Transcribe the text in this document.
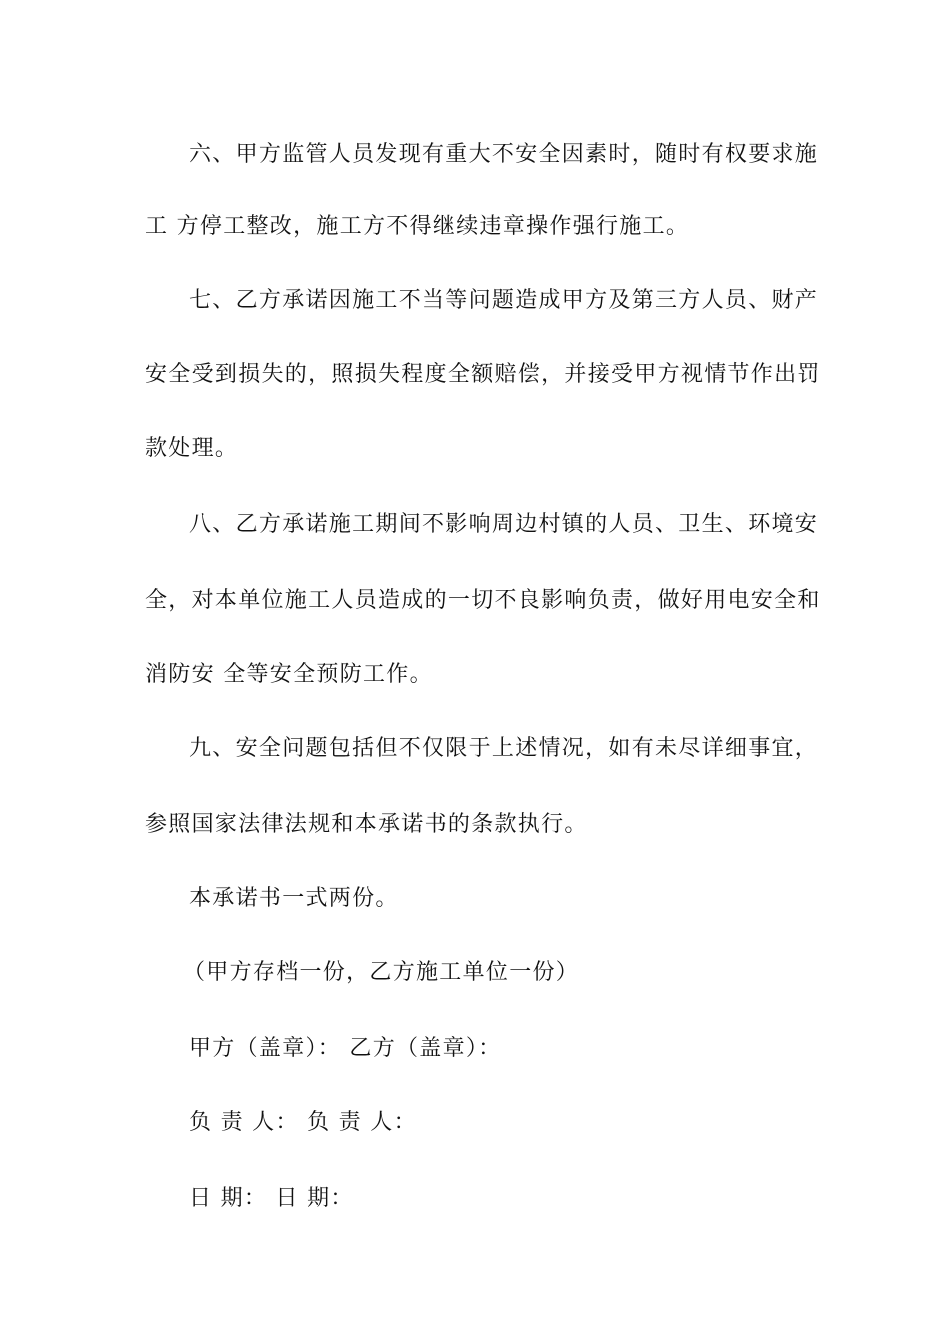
六、甲方监管人员发现有重大不安全因素时，随时有权要求施
工 方停工整改，施工方不得继续违章操作强行施工。
七、乙方承诺因施工不当等问题造成甲方及第三方人员、财产
安全受到损失的，照损失程度全额赔偿，并接受甲方视情节作出罚
款处理。
八、乙方承诺施工期间不影响周边村镇的人员、卫生、环境安
全，对本单位施工人员造成的一切不良影响负责，做好用电安全和
消防安 全等安全预防工作。
九、安全问题包括但不仅限于上述情况，如有未尽详细事宜，
参照国家法律法规和本承诺书的条款执行。
本承诺书一式两份。
（甲方存档一份，乙方施工单位一份）
甲方（盖章）： 乙方（盖章）：
负 责 人： 负 责 人：
日 期： 日 期：
